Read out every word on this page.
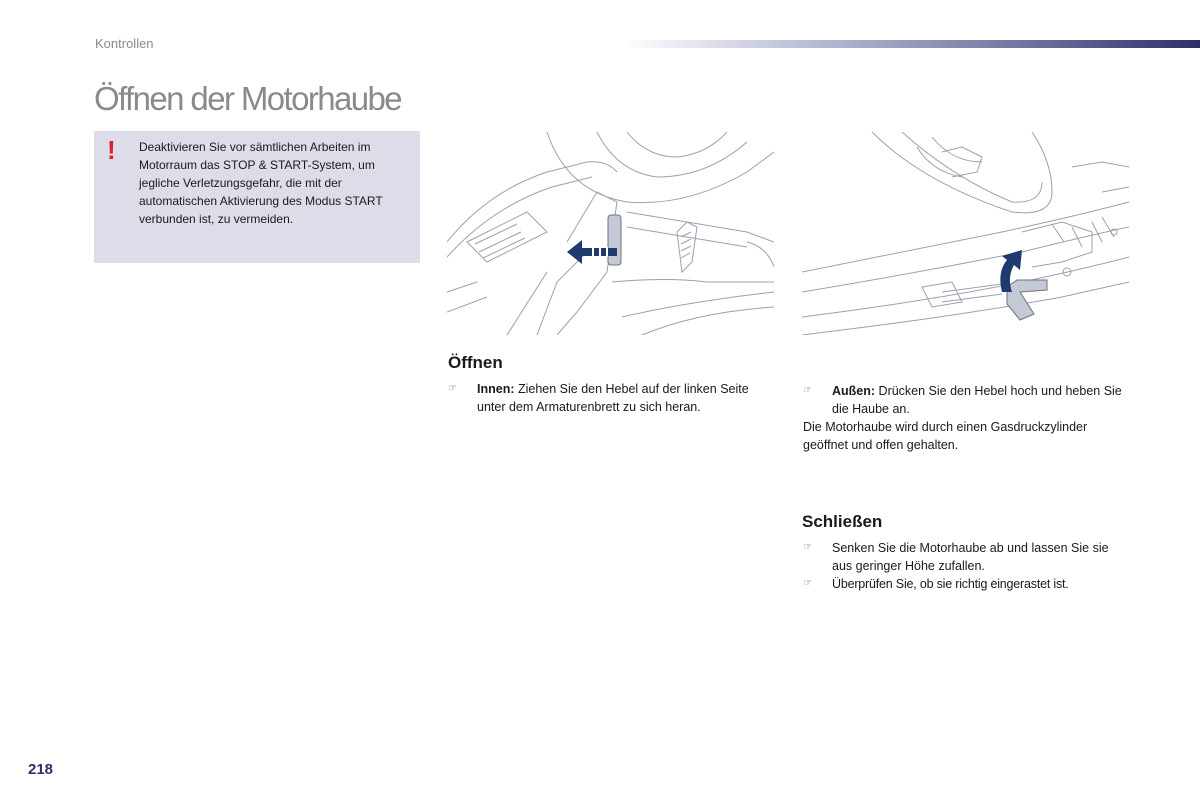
Kontrollen
Öffnen der Motorhaube
! Deaktivieren Sie vor sämtlichen Arbeiten im Motorraum das STOP & START-System, um jegliche Verletzungsgefahr, die mit der automatischen Aktivierung des Modus START verbunden ist, zu vermeiden.
Öffnen
☞ Innen: Ziehen Sie den Hebel auf der linken Seite unter dem Armaturenbrett zu sich heran.
☞ Außen: Drücken Sie den Hebel hoch und heben Sie die Haube an.
Die Motorhaube wird durch einen Gasdruckzylinder geöffnet und offen gehalten.
Schließen
☞ Senken Sie die Motorhaube ab und lassen Sie sie aus geringer Höhe zufallen.
☞ Überprüfen Sie, ob sie richtig eingerastet ist.
218
